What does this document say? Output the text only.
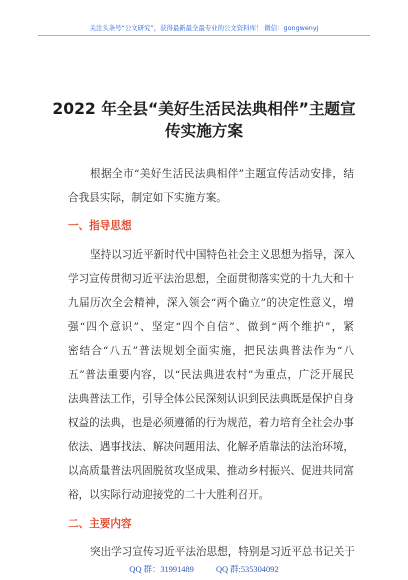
关注头条号“公文研究”，获得最新最全最专业的公文资料库！ 微信：gongwenyj
2022 年全县“美好生活民法典相伴”主题宣
传实施方案
根据全市“美好生活民法典相伴”主题宣传活动安排，结
合我县实际，制定如下实施方案。
一、指导思想
坚持以习近平新时代中国特色社会主义思想为指导，深入
学习宣传贯彻习近平法治思想，全面贯彻落实党的十九大和十
九届历次全会精神，深入领会“两个确立”的决定性意义，增
强“四个意识”、坚定“四个自信”、做到“两个维护”，紧
密结合“八五”普法规划全面实施，把民法典普法作为“八
五”普法重要内容，以“民法典进农村”为重点，广泛开展民
法典普法工作，引导全体公民深刻认识到民法典既是保护自身
权益的法典，也是必须遵循的行为规范，着力培育全社会办事
依法、遇事找法、解决问题用法、化解矛盾靠法的法治环境，
以高质量普法巩固脱贫攻坚成果、推动乡村振兴、促进共同富
裕，以实际行动迎接党的二十大胜利召开。
二、主要内容
突出学习宣传习近平法治思想，特别是习近平总书记关于
QQ 群：31991489	QQ 群:535304092
